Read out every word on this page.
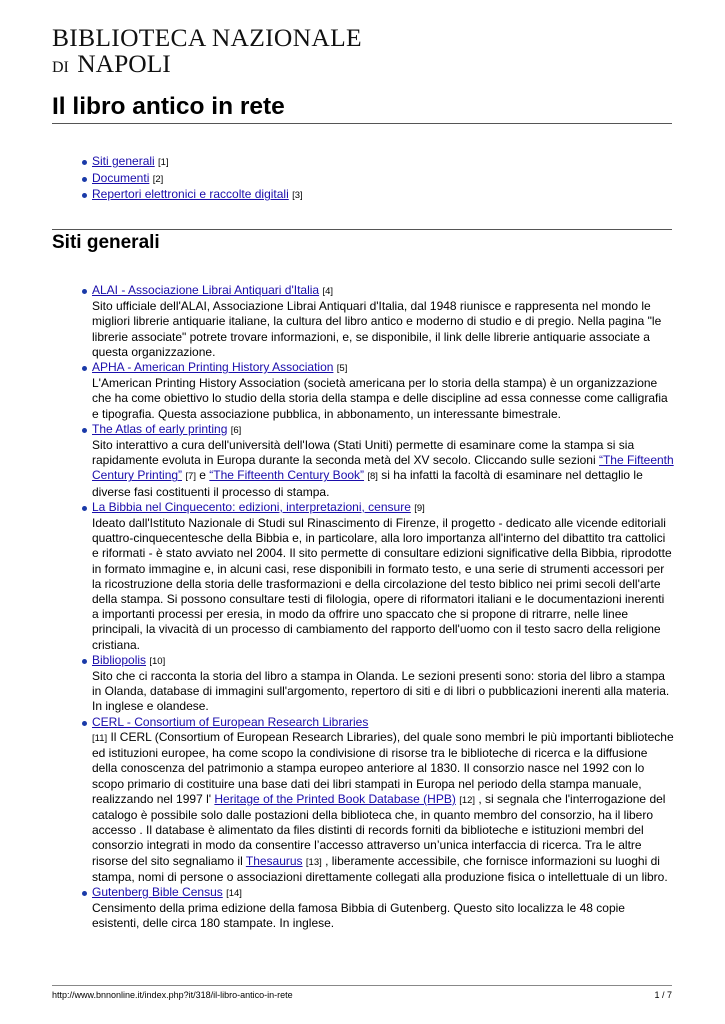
BIBLIOTECA NAZIONALE
DI NAPOLI
Il libro antico in rete
Siti generali [1]
Documenti [2]
Repertori elettronici e raccolte digitali [3]
Siti generali
ALAI - Associazione Librai Antiquari d'Italia [4]
Sito ufficiale dell'ALAI, Associazione Librai Antiquari d'Italia, dal 1948 riunisce e rappresenta nel mondo le migliori librerie antiquarie italiane, la cultura del libro antico e moderno di studio e di pregio. Nella pagina "le librerie associate" potrete trovare informazioni, e, se disponibile, il link delle librerie antiquarie associate a questa organizzazione.
APHA - American Printing History Association [5]
L'American Printing History Association (società americana per lo storia della stampa) è un organizzazione che ha come obiettivo lo studio della storia della stampa e delle discipline ad essa connesse come calligrafia e tipografia. Questa associazione pubblica, in abbonamento, un interessante bimestrale.
The Atlas of early printing [6]
Sito interattivo a cura dell'università dell'Iowa (Stati Uniti) permette di esaminare come la stampa si sia rapidamente evoluta in Europa durante la seconda metà del XV secolo. Cliccando sulle sezioni “The Fifteenth Century Printing” [7] e “The Fifteenth Century Book” [8] si ha infatti la facoltà di esaminare nel dettaglio le diverse fasi costituenti il processo di stampa.
La Bibbia nel Cinquecento: edizioni, interpretazioni, censure [9]
Ideato dall'Istituto Nazionale di Studi sul Rinascimento di Firenze, il progetto - dedicato alle vicende editoriali quattro-cinquecentesche della Bibbia e, in particolare, alla loro importanza all'interno del dibattito tra cattolici e riformati - è stato avviato nel 2004. Il sito permette di consultare edizioni significative della Bibbia, riprodotte in formato immagine e, in alcuni casi, rese disponibili in formato testo, e una serie di strumenti accessori per la ricostruzione della storia delle trasformazioni e della circolazione del testo biblico nei primi secoli dell'arte della stampa. Si possono consultare testi di filologia, opere di riformatori italiani e le documentazioni inerenti a importanti processi per eresia, in modo da offrire uno spaccato che si propone di ritrarre, nelle linee principali, la vivacità di un processo di cambiamento del rapporto dell'uomo con il testo sacro della religione cristiana.
Bibliopolis [10]
Sito che ci racconta la storia del libro a stampa in Olanda. Le sezioni presenti sono: storia del libro a stampa in Olanda, database di immagini sull'argomento, repertoro di siti e di libri o pubblicazioni inerenti alla materia. In inglese e olandese.
CERL - Consortium of European Research Libraries
[11] Il CERL (Consortium of European Research Libraries), del quale sono membri le più importanti biblioteche ed istituzioni europee, ha come scopo la condivisione di risorse tra le biblioteche di ricerca e la diffusione della conoscenza del patrimonio a stampa europeo anteriore al 1830. Il consorzio nasce nel 1992 con lo scopo primario di costituire una base dati dei libri stampati in Europa nel periodo della stampa manuale, realizzando nel 1997 l' Heritage of the Printed Book Database (HPB) [12] , si segnala che l'interrogazione del catalogo è possibile solo dalle postazioni della biblioteca che, in quanto membro del consorzio, ha il libero accesso . Il database è alimentato da files distinti di records forniti da biblioteche e istituzioni membri del consorzio integrati in modo da consentire l’accesso attraverso un’unica interfaccia di ricerca. Tra le altre risorse del sito segnaliamo il Thesaurus [13] , liberamente accessibile, che fornisce informazioni su luoghi di stampa, nomi di persone o associazioni direttamente collegati alla produzione fisica o intellettuale di un libro.
Gutenberg Bible Census [14]
Censimento della prima edizione della famosa Bibbia di Gutenberg. Questo sito localizza le 48 copie esistenti, delle circa 180 stampate. In inglese.
http://www.bnnonline.it/index.php?it/318/il-libro-antico-in-rete	1 / 7
